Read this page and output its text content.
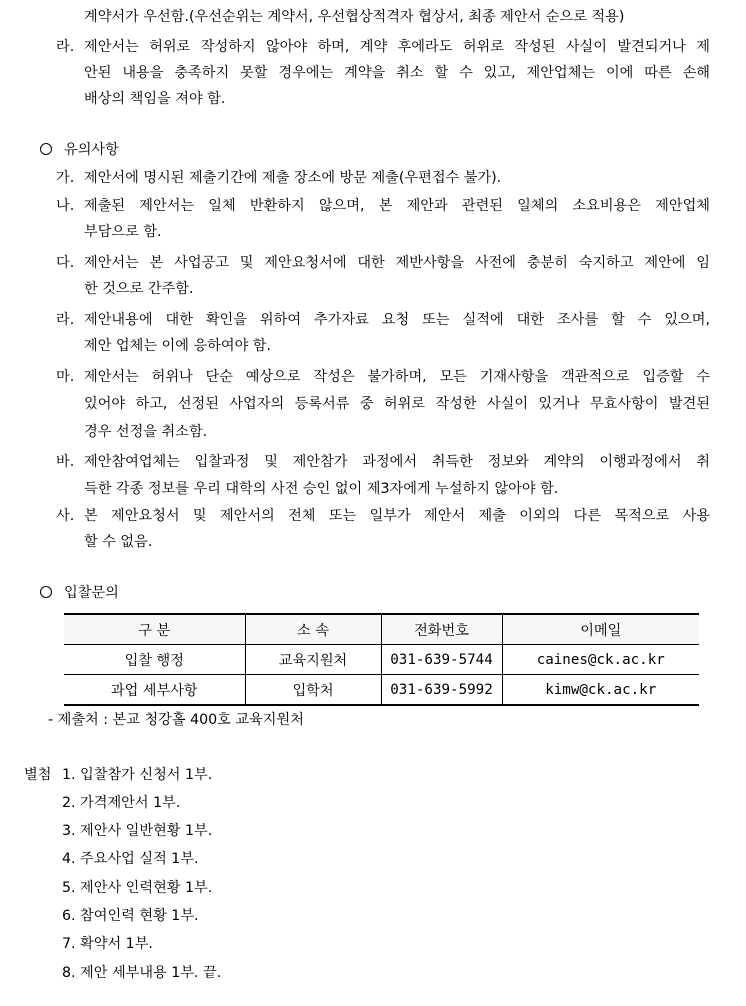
계약서가 우선함.(우선순위는 계약서, 우선협상적격자 협상서, 최종 제안서 순으로 적용)
라. 제안서는 허위로 작성하지 않아야 하며, 계약 후에라도 허위로 작성된 사실이 발견되거나 제
안된 내용을 충족하지 못할 경우에는 계약을 취소 할 수 있고, 제안업체는 이에 따른 손해
배상의 책임을 져야 함.
유의사항
가. 제안서에 명시된 제출기간에 제출 장소에 방문 제출(우편접수 불가).
나. 제출된 제안서는 일체 반환하지 않으며, 본 제안과 관련된 일체의 소요비용은 제안업체
부담으로 함.
다. 제안서는 본 사업공고 및 제안요청서에 대한 제반사항을 사전에 충분히 숙지하고 제안에 임
한 것으로 간주함.
라. 제안내용에 대한 확인을 위하여 추가자료 요청 또는 실적에 대한 조사를 할 수 있으며,
제안 업체는 이에 응하여야 함.
마. 제안서는 허위나 단순 예상으로 작성은 불가하며, 모든 기재사항을 객관적으로 입증할 수
있어야 하고, 선정된 사업자의 등록서류 중 허위로 작성한 사실이 있거나 무효사항이 발견된
경우 선정을 취소함.
바. 제안참여업체는 입찰과정 및 제안참가 과정에서 취득한 정보와 계약의 이행과정에서 취
득한 각종 정보를 우리 대학의 사전 승인 없이 제3자에게 누설하지 않아야 함.
사. 본 제안요청서 및 제안서의 전체 또는 일부가 제안서 제출 이외의 다른 목적으로 사용
할 수 없음.
입찰문의
구 분	소 속	전화번호	이메일
입찰 행정	교육지원처	031-639-5744	caines@ck.ac.kr
과업 세부사항	입학처	031-639-5992	kimw@ck.ac.kr
- 제출처 : 본교 청강홀 400호 교육지원처
별첨 1. 입찰참가 신청서 1부.
2. 가격제안서 1부.
3. 제안사 일반현황 1부.
4. 주요사업 실적 1부.
5. 제안사 인력현황 1부.
6. 참여인력 현황 1부.
7. 확약서 1부.
8. 제안 세부내용 1부. 끝.
